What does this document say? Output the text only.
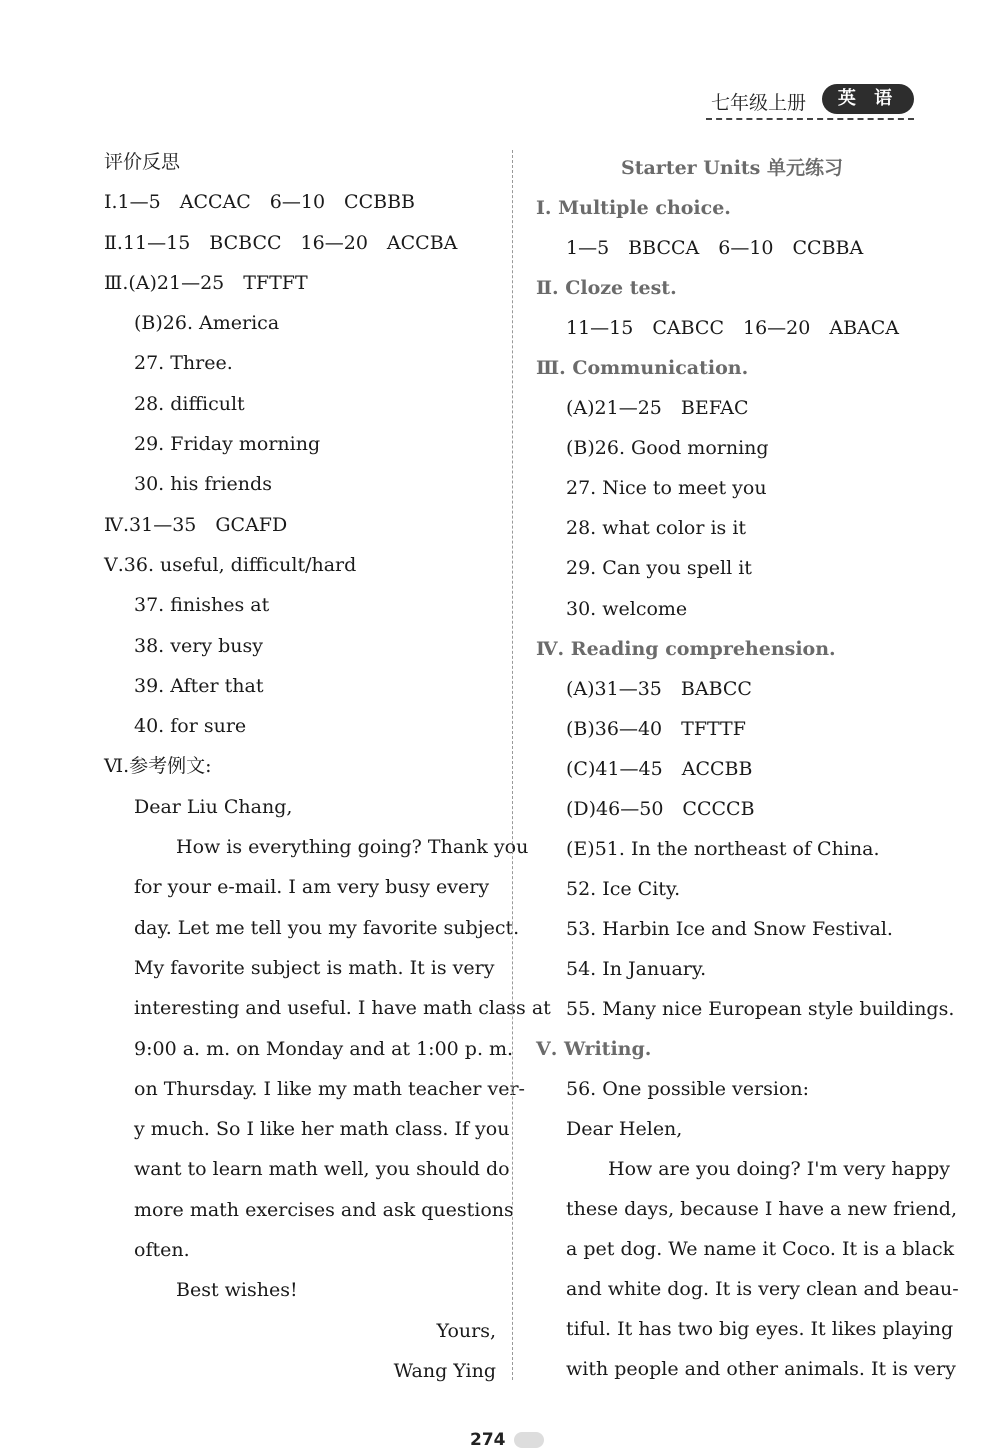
七年级上册	英 语
评价反思
Ⅰ.1—5　ACCAC　6—10　CCBBB
Ⅱ.11—15　BCBCC　16—20　ACCBA
Ⅲ.(A)21—25　TFTFT
(B)26. America
27. Three.
28. difficult
29. Friday morning
30. his friends
Ⅳ.31—35　GCAFD
Ⅴ.36. useful, difficult/hard
37. finishes at
38. very busy
39. After that
40. for sure
Ⅵ.参考例文:
Dear Liu Chang,
How is everything going? Thank you
for your e-mail. I am very busy every
day. Let me tell you my favorite subject.
My favorite subject is math. It is very
interesting and useful. I have math class at
9:00 a. m. on Monday and at 1:00 p. m.
on Thursday. I like my math teacher ver-
y much. So I like her math class. If you
want to learn math well, you should do
more math exercises and ask questions
often.
Best wishes!
Yours,
Wang Ying
Starter Units 单元练习
Ⅰ. Multiple choice.
1—5　BBCCA　6—10　CCBBA
Ⅱ. Cloze test.
11—15　CABCC　16—20　ABACA
Ⅲ. Communication.
(A)21—25　BEFAC
(B)26. Good morning
27. Nice to meet you
28. what color is it
29. Can you spell it
30. welcome
Ⅳ. Reading comprehension.
(A)31—35　BABCC
(B)36—40　TFTTF
(C)41—45　ACCBB
(D)46—50　CCCCB
(E)51. In the northeast of China.
52. Ice City.
53. Harbin Ice and Snow Festival.
54. In January.
55. Many nice European style buildings.
Ⅴ. Writing.
56. One possible version:
Dear Helen,
How are you doing? I'm very happy
these days, because I have a new friend,
a pet dog. We name it Coco. It is a black
and white dog. It is very clean and beau-
tiful. It has two big eyes. It likes playing
with people and other animals. It is very
274
